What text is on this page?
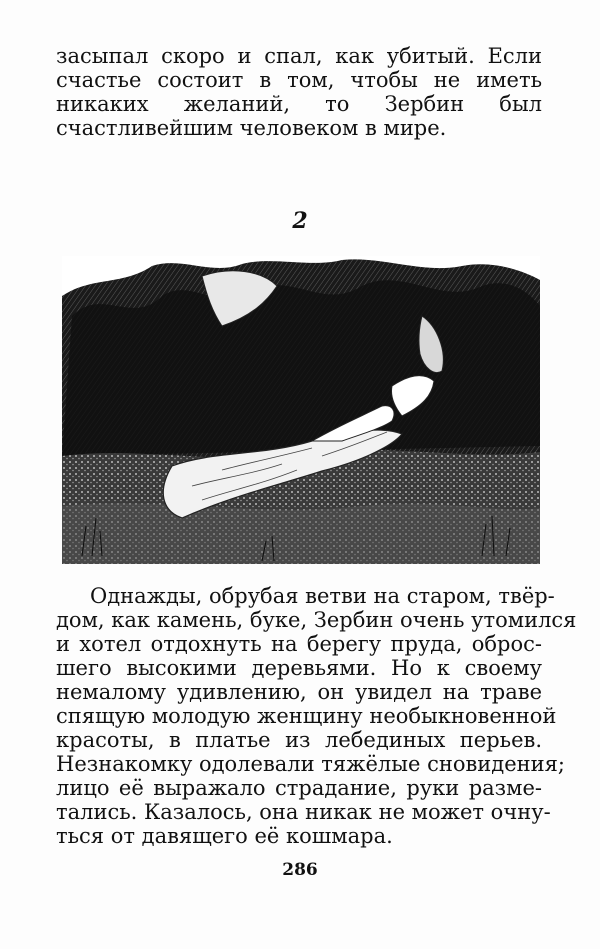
засыпал скоро и спал, как убитый. Если
счастье состоит в том, чтобы не иметь
никаких желаний, то Зербин был
счастливейшим человеком в мире.
2
Однажды, обрубая ветви на старом, твёр-
дом, как камень, буке, Зербин очень утомился
и хотел отдохнуть на берегу пруда, оброс-
шего высокими деревьями. Но к своему
немалому удивлению, он увидел на траве
спящую молодую женщину необыкновенной
красоты, в платье из лебединых перьев.
Незнакомку одолевали тяжёлые сновидения;
лицо её выражало страдание, руки разме-
тались. Казалось, она никак не может очну-
ться от давящего её кошмара.
286
